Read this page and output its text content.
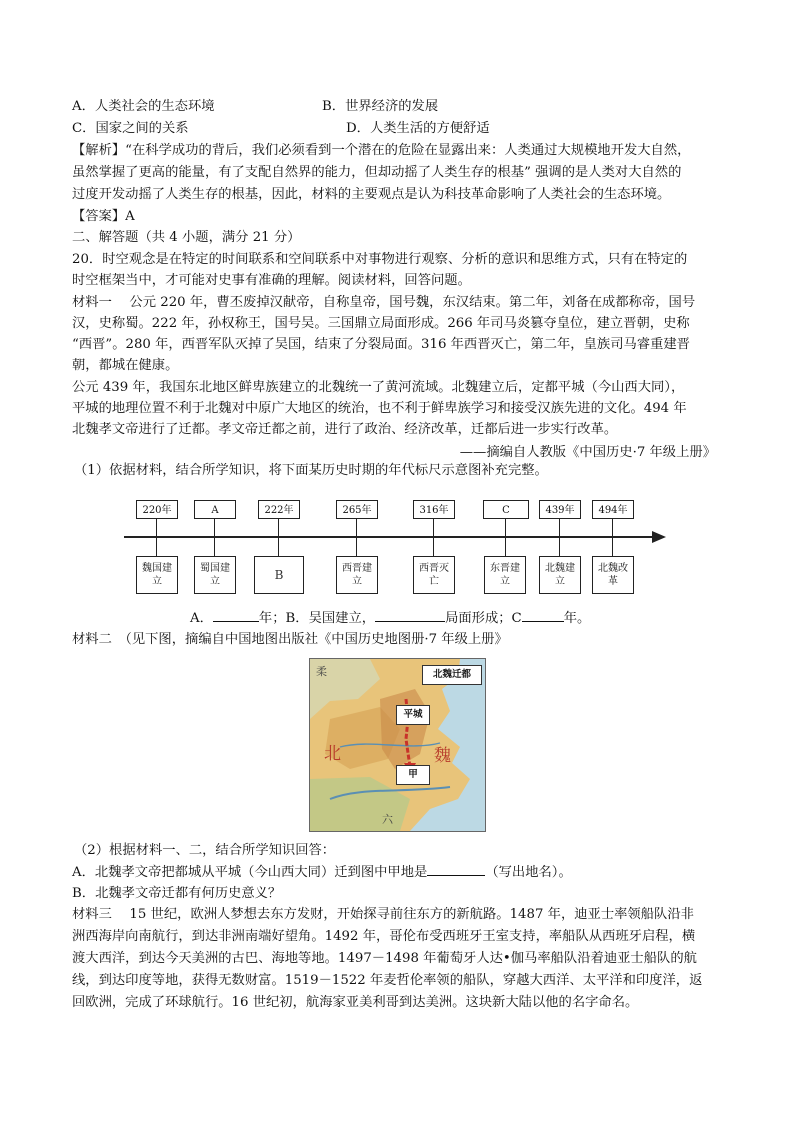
A．人类社会的生态环境	B．世界经济的发展
C．国家之间的关系	D．人类生活的方便舒适
【解析】“在科学成功的背后，我们必须看到一个潜在的危险在显露出来：人类通过大规模地开发大自然，
虽然掌握了更高的能量，有了支配自然界的能力，但却动摇了人类生存的根基” 强调的是人类对大自然的
过度开发动摇了人类生存的根基，因此，材料的主要观点是认为科技革命影响了人类社会的生态环境。
【答案】A
二、解答题（共 4 小题，满分 21 分）
20．时空观念是在特定的时间联系和空间联系中对事物进行观察、分析的意识和思维方式，只有在特定的
时空框架当中，才可能对史事有准确的理解。阅读材料，回答问题。
材料一　 公元 220 年，曹丕废掉汉献帝，自称皇帝，国号魏，东汉结束。第二年，刘备在成都称帝，国号
汉，史称蜀。222 年，孙权称王，国号吴。三国鼎立局面形成。266 年司马炎篡夺皇位，建立晋朝，史称
“西晋”。280 年，西晋军队灭掉了吴国，结束了分裂局面。316 年西晋灭亡，第二年，皇族司马睿重建晋
朝，都城在健康。
公元 439 年，我国东北地区鲜卑族建立的北魏统一了黄河流域。北魏建立后，定都平城（今山西大同），
平城的地理位置不利于北魏对中原广大地区的统治，也不利于鲜卑族学习和接受汉族先进的文化。494 年
北魏孝文帝进行了迁都。孝文帝迁都之前，进行了政治、经济改革，迁都后进一步实行改革。
——摘编自人教版《中国历史·7 年级上册》
（1）依据材料，结合所学知识，将下面某历史时期的年代标尺示意图补充完整。
220年	A	222年	265年	316年	C	439年	494年
魏国建立
蜀国建立	B	西晋建立
西晋灭亡
东晋建立
北魏建立
北魏改革
A．	年；B．吴国建立，	局面形成；C	年。
材料二　（见下图，摘编自中国地图出版社《中国历史地图册·7 年级上册》
北魏迁都
平城
甲
北	魏
柔
六
（2）根据材料一、二，结合所学知识回答：
A．北魏孝文帝把都城从平城（今山西大同）迁到图中甲地是	（写出地名）。
B．北魏孝文帝迁都有何历史意义？
材料三　 15 世纪，欧洲人梦想去东方发财，开始探寻前往东方的新航路。1487 年，迪亚士率领船队沿非
洲西海岸向南航行，到达非洲南端好望角。1492 年，哥伦布受西班牙王室支持，率船队从西班牙启程，横
渡大西洋，到达今天美洲的古巴、海地等地。1497－1498 年葡萄牙人达•伽马率船队沿着迪亚士船队的航
线，到达印度等地，获得无数财富。1519－1522 年麦哲伦率领的船队，穿越大西洋、太平洋和印度洋，返
回欧洲，完成了环球航行。16 世纪初，航海家亚美利哥到达美洲。这块新大陆以他的名字命名。
